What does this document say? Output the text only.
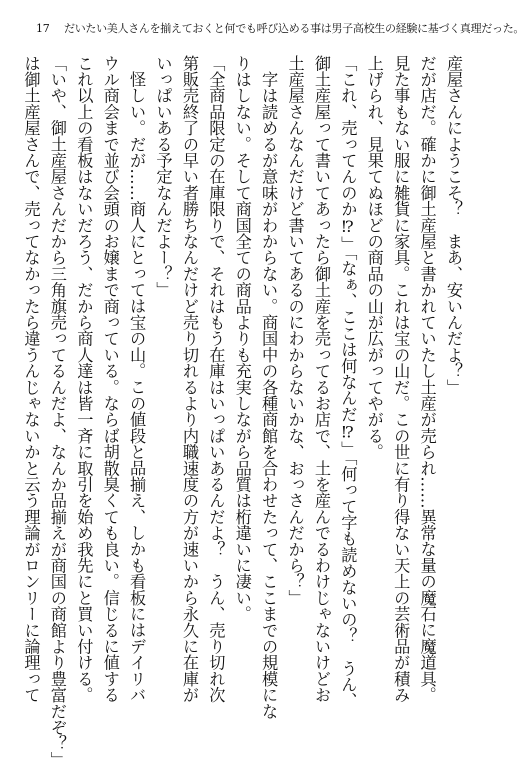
17 だいたい美人さんを揃えておくと何でも呼び込める事は男子高校生の経験に基づく真理だった。
産屋さんにようこそ？　まあ、安いんだよ？」
だが店だ。確かに御土産屋と書かれていたし土産が売られ……異常な量の魔石に魔道具。
見た事もない服に雑貨に家具。これは宝の山だ。この世に有り得ない天上の芸術品が積み
上げられ、見果てぬほどの商品の山が広がってやがる。
「これ、売ってんのか⁉」「なぁ、ここは何なんだ⁉」「何って字も読めないの？　うん、
御土産屋って書いてあったら御土産を売ってるお店で、土を産んでるわけじゃないけどお
土産屋さんなんだけど書いてあるのにわからないかな、おっさんだから？」
　字は読めるが意味がわからない。商国中の各種商館を合わせたって、ここまでの規模にな
りはしない。そして商国全ての商品よりも充実しながら品質は桁違いに凄い。
「全商品限定の在庫限りで、それはもう在庫はいっぱいあるんだよ？　うん、売り切れ次
第販売終了の早い者勝ちなんだけど売り切れるより内職速度の方が速いから永久に在庫が
いっぱいある予定なんだよー？」
　怪しい。だが……商人にとっては宝の山。この値段と品揃え、しかも看板にはデイリバ
ウル商会まで並び会頭のお嬢まで商っている。ならば胡散臭くても良い。信じるに値する
これ以上の看板はないだろう、だから商人達は皆一斉に取引を始め我先にと買い付ける。
「いや、御土産屋さんだから三角旗売ってるんだよ、なんか品揃えが商国の商館より豊富だぞ？」
は御土産屋さんで、売ってなかったら違うんじゃないかと云う理論がロンリーに論理って
